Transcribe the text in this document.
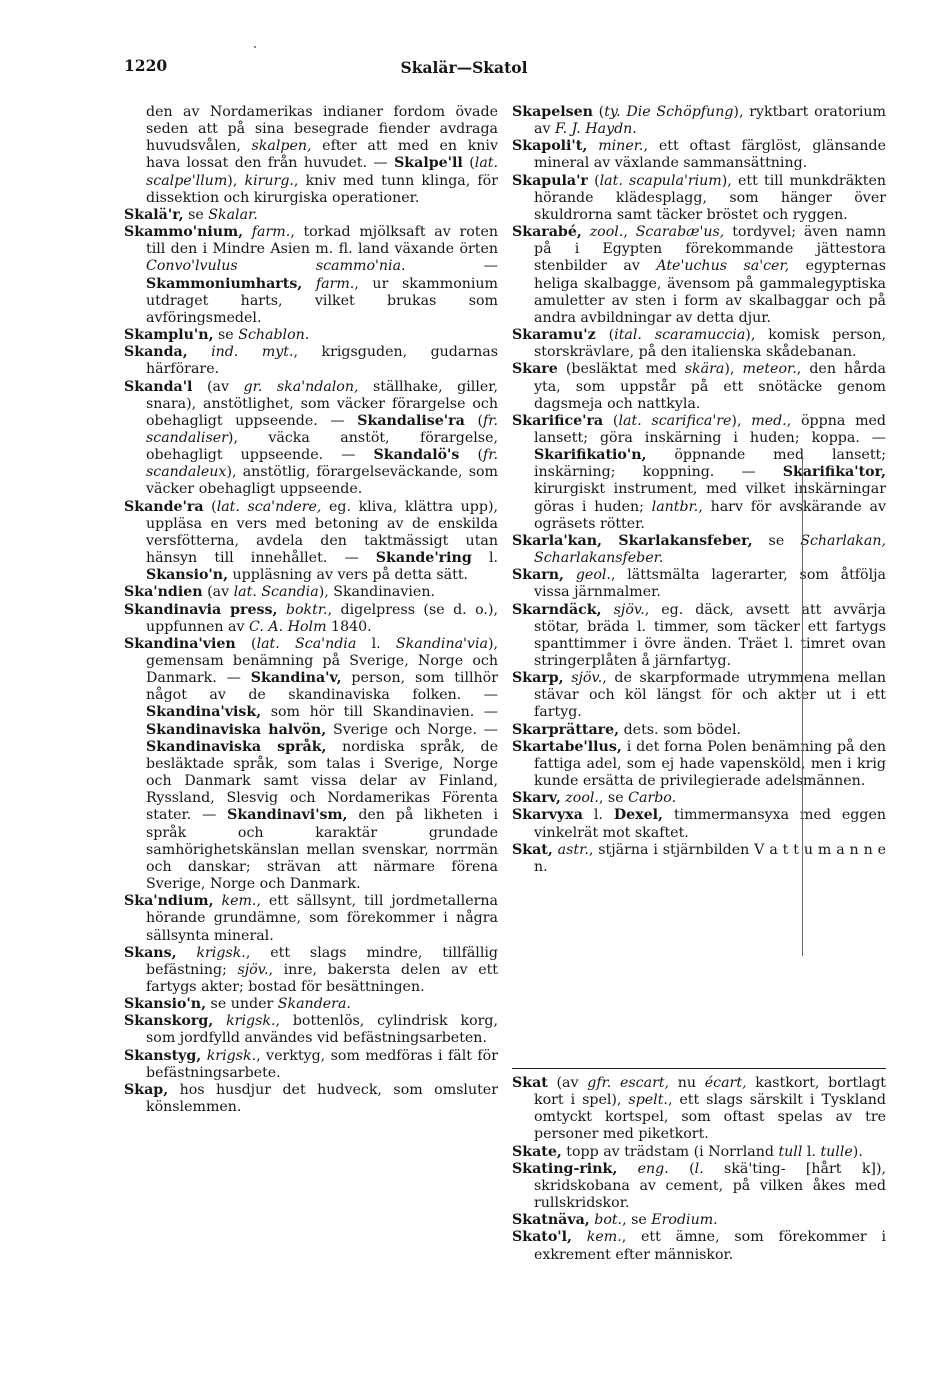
1220	Skalär—Skatol

den av Nordamerikas indianer fordom övade seden att på sina besegrade fiender avdraga huvudsvålen, skalpen, efter att med en kniv hava lossat den från huvudet. — Skalpe'll (lat. scalpe'llum), kirurg., kniv med tunn klinga, för dissektion och kirurgiska operationer.

Skalä'r, se Skalar.

Skammo'nium, farm., torkad mjölksaft av roten till den i Mindre Asien m. fl. land växande örten Convo'lvulus scammo'nia. — Skammoniumharts, farm., ur skammonium utdraget harts, vilket brukas som avföringsmedel.

Skamplu'n, se Schablon.

Skanda, ind. myt., krigsguden, gudarnas härförare.

Skanda'l (av gr. ska'ndalon, ställhake, giller, snara), anstötlighet, som väcker förargelse och obehagligt uppseende. — Skandalise'ra (fr. scandaliser), väcka anstöt, förargelse, obehagligt uppseende. — Skandalö's (fr. scandaleux), anstötlig, förargelseväckande, som väcker obehagligt uppseende.

Skande'ra (lat. sca'ndere, eg. kliva, klättra upp), uppläsa en vers med betoning av de enskilda versfötterna, avdela den taktmässigt utan hänsyn till innehållet. — Skande'ring l. Skansio'n, uppläsning av vers på detta sätt.

Ska'ndien (av lat. Scandia), Skandinavien.

Skandinavia press, boktr., digelpress (se d. o.), uppfunnen av C. A. Holm 1840.

Skandina'vien (lat. Sca'ndia l. Skandina'via), gemensam benämning på Sverige, Norge och Danmark. — Skandina'v, person, som tillhör något av de skandinaviska folken. — Skandina'visk, som hör till Skandinavien. — Skandinaviska halvön, Sverige och Norge. — Skandinaviska språk, nordiska språk, de besläktade språk, som talas i Sverige, Norge och Danmark samt vissa delar av Finland, Ryssland, Slesvig och Nordamerikas Förenta stater. — Skandinavi'sm, den på likheten i språk och karaktär grundade samhörighetskänslan mellan svenskar, norrmän och danskar; strävan att närmare förena Sverige, Norge och Danmark.

Ska'ndium, kem., ett sällsynt, till jordmetallerna hörande grundämne, som förekommer i några sällsynta mineral.

Skans, krigsk., ett slags mindre, tillfällig befästning; sjöv., inre, bakersta delen av ett fartygs akter; bostad för besättningen.

Skansio'n, se under Skandera.

Skanskorg, krigsk., bottenlös, cylindrisk korg, som jordfylld användes vid befästningsarbeten.

Skanstyg, krigsk., verktyg, som medföras i fält för befästningsarbete.

Skap, hos husdjur det hudveck, som omsluter könslemmen.

Skapelsen (ty. Die Schöpfung), ryktbart oratorium av F. J. Haydn.

Skapoli't, miner., ett oftast färglöst, glänsande mineral av växlande sammansättning.

Skapula'r (lat. scapula'rium), ett till munkdräkten hörande klädesplagg, som hänger över skuldrorna samt täcker bröstet och ryggen.

Skarabé, zool., Scarabæ'us, tordyvel; även namn på i Egypten förekommande jättestora stenbilder av Ate'uchus sa'cer, egypternas heliga skalbagge, ävensom på gammalegyptiska amuletter av sten i form av skalbaggar och på andra avbildningar av detta djur.

Skaramu'z (ital. scaramuccia), komisk person, storskrävlare, på den italienska skådebanan.

Skare (besläktat med skära), meteor., den hårda yta, som uppstår på ett snötäcke genom dagsmeja och nattkyla.

Skarifice'ra (lat. scarifica're), med., öppna med lansett; göra inskärning i huden; koppa. — Skarifikatio'n, öppnande med lansett; inskärning; koppning. — Skarifika'tor, kirurgiskt instrument, med vilket inskärningar göras i huden; lantbr., harv för avskärande av ogräsets rötter.

Skarla'kan, Skarlakansfeber, se Scharlakan, Scharlakansfeber.

Skarn, geol., lättsmälta lagerarter, som åtfölja vissa järnmalmer.

Skarndäck, sjöv., eg. däck, avsett att avvärja stötar, bräda l. timmer, som täcker ett fartygs spanttimmer i övre änden. Träet l. timret ovan stringerplåten å järnfartyg.

Skarp, sjöv., de skarpformade utrymmena mellan stävar och köl längst för och akter ut i ett fartyg.

Skarprättare, dets. som bödel.

Skartabe'llus, i det forna Polen benämning på den fattiga adel, som ej hade vapensköld, men i krig kunde ersätta de privilegierade adelsmännen.

Skarv, zool., se Carbo.

Skarvyxa l. Dexel, timmermansyxa med eggen vinkelrät mot skaftet.

Skat, astr., stjärna i stjärnbilden V a t t u m a n n e n.

Skat (av gfr. escart, nu écart, kastkort, bortlagt kort i spel), spelt., ett slags särskilt i Tyskland omtyckt kortspel, som oftast spelas av tre personer med piketkort.

Skate, topp av trädstam (i Norrland tull l. tulle).

Skating-rink, eng. (l. skä'ting- [hårt k]), skridskobana av cement, på vilken åkes med rullskridskor.

Skatnäva, bot., se Erodium.

Skato'l, kem., ett ämne, som förekommer i exkrement efter människor.
